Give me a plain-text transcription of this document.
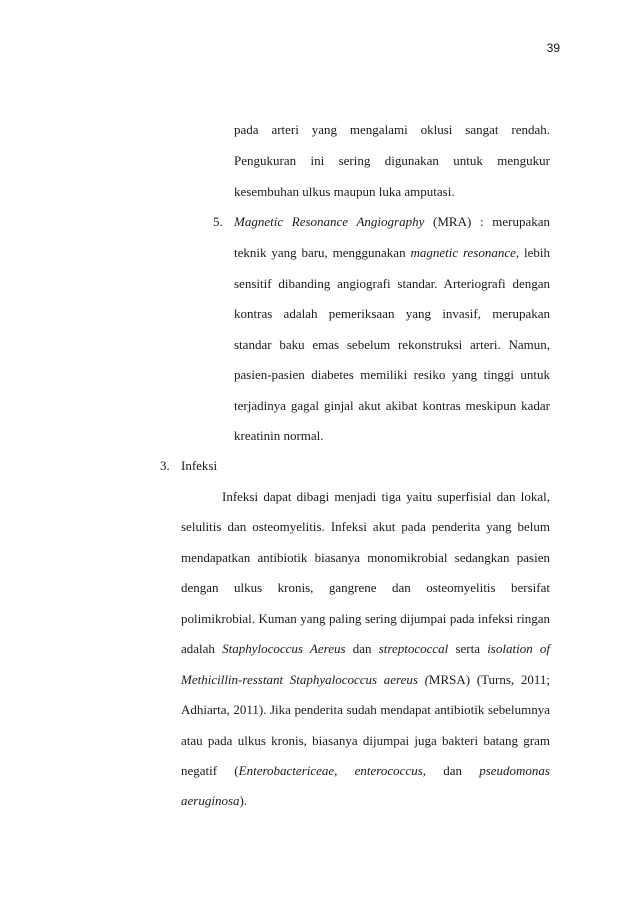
39
pada arteri yang mengalami oklusi sangat rendah.
Pengukuran ini sering digunakan untuk mengukur
kesembuhan ulkus maupun luka amputasi.
5. Magnetic Resonance Angiography (MRA) : merupakan
teknik yang baru, menggunakan magnetic resonance, lebih
sensitif dibanding angiografi standar. Arteriografi dengan
kontras adalah pemeriksaan yang invasif, merupakan
standar baku emas sebelum rekonstruksi arteri. Namun,
pasien-pasien diabetes memiliki resiko yang tinggi untuk
terjadinya gagal ginjal akut akibat kontras meskipun kadar
kreatinin normal.
3. Infeksi
Infeksi dapat dibagi menjadi tiga yaitu superfisial dan lokal,
selulitis dan osteomyelitis. Infeksi akut pada penderita yang belum
mendapatkan antibiotik biasanya monomikrobial sedangkan pasien
dengan ulkus kronis, gangrene dan osteomyelitis bersifat
polimikrobial. Kuman yang paling sering dijumpai pada infeksi ringan
adalah Staphylococcus Aereus dan streptococcal serta isolation of
Methicillin-resstant Staphyalococcus aereus (MRSA) (Turns, 2011;
Adhiarta, 2011). Jika penderita sudah mendapat antibiotik sebelumnya
atau pada ulkus kronis, biasanya dijumpai juga bakteri batang gram
negatif (Enterobactericeae, enterococcus, dan pseudomonas
aeruginosa).
